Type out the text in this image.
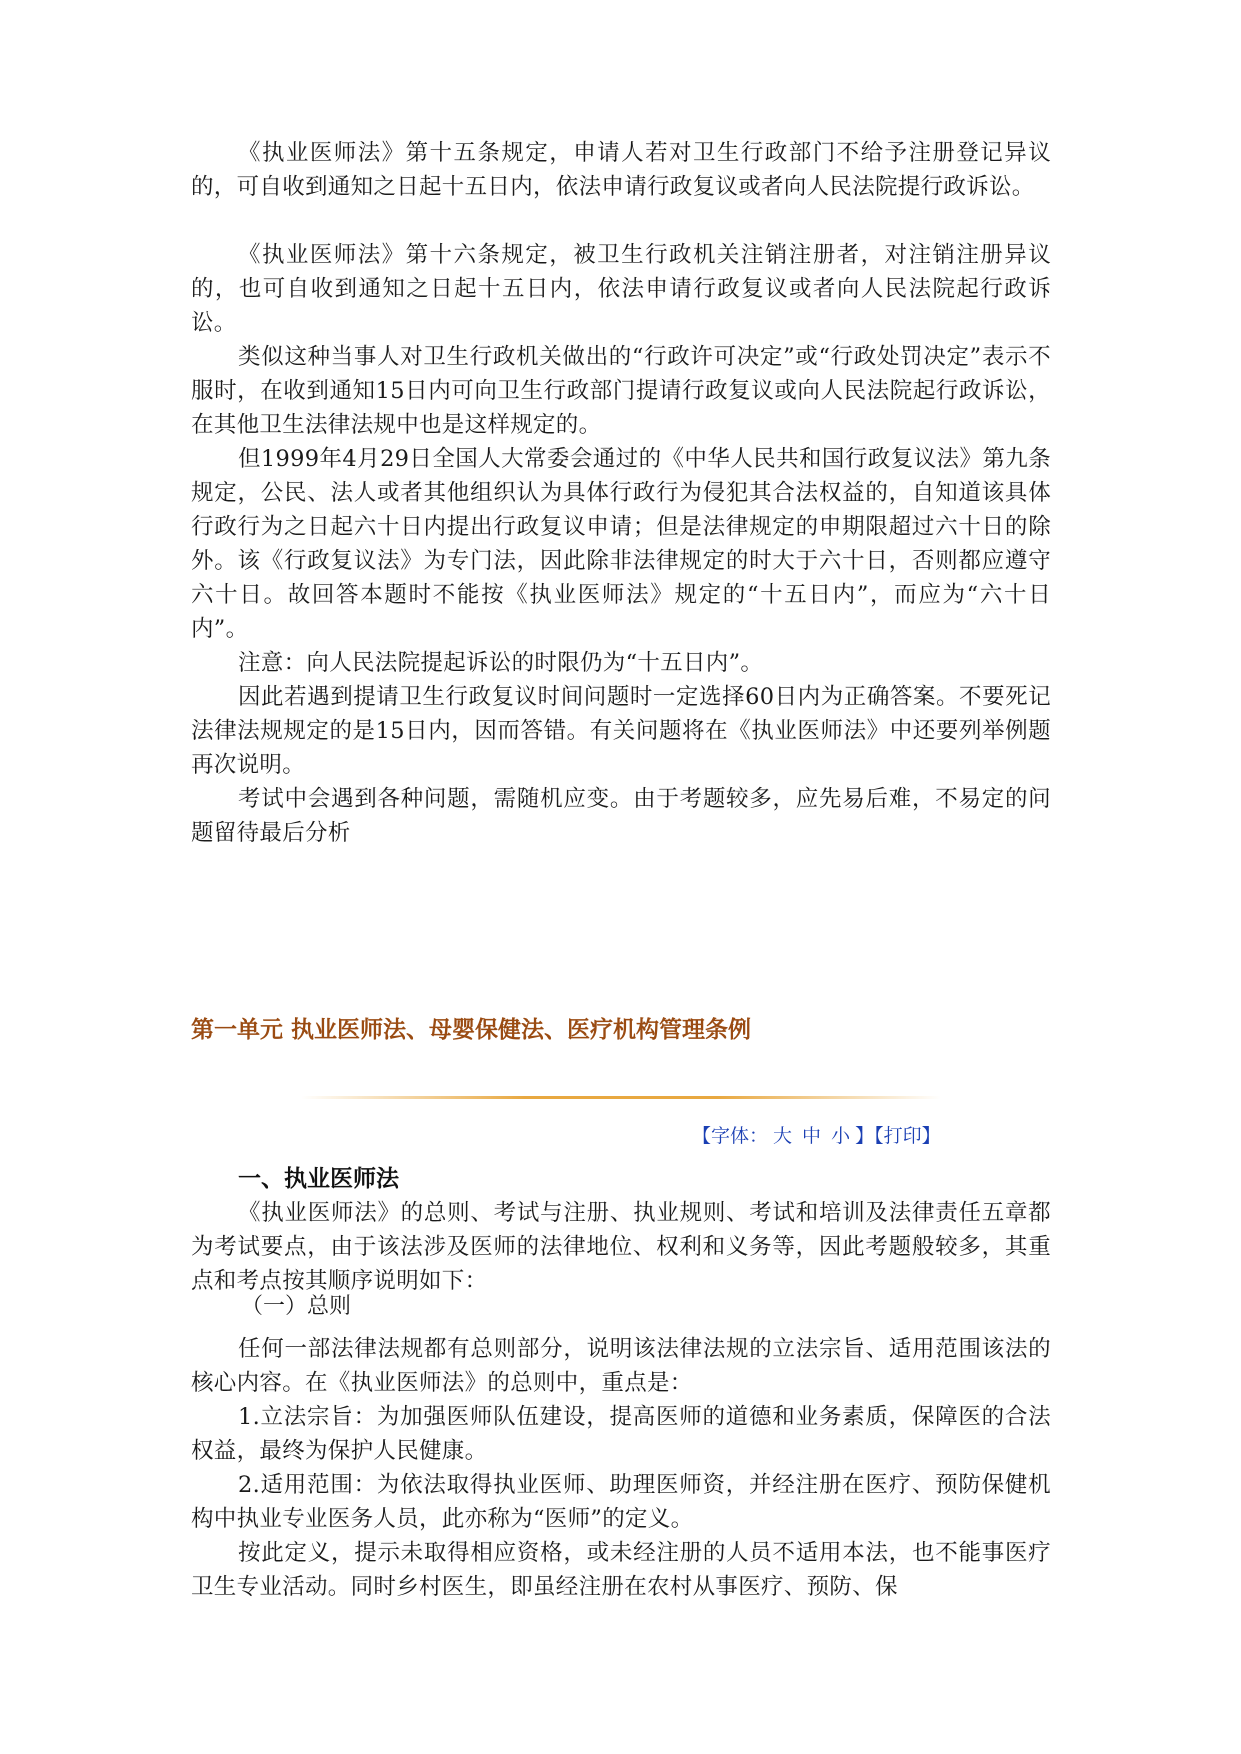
《执业医师法》第十五条规定，申请人若对卫生行政部门不给予注册登记异议的，可自收到通知之日起十五日内，依法申请行政复议或者向人民法院提行政诉讼。

《执业医师法》第十六条规定，被卫生行政机关注销注册者，对注销注册异议的，也可自收到通知之日起十五日内，依法申请行政复议或者向人民法院起行政诉讼。

类似这种当事人对卫生行政机关做出的“行政许可决定”或“行政处罚决定”表示不服时，在收到通知15日内可向卫生行政部门提请行政复议或向人民法院起行政诉讼，在其他卫生法律法规中也是这样规定的。

但1999年4月29日全国人大常委会通过的《中华人民共和国行政复议法》第九条规定，公民、法人或者其他组织认为具体行政行为侵犯其合法权益的，自知道该具体行政行为之日起六十日内提出行政复议申请；但是法律规定的申期限超过六十日的除外。该《行政复议法》为专门法，因此除非法律规定的时大于六十日，否则都应遵守六十日。故回答本题时不能按《执业医师法》规定的“十五日内”，而应为“六十日内”。

注意：向人民法院提起诉讼的时限仍为“十五日内”。

因此若遇到提请卫生行政复议时间问题时一定选择60日内为正确答案。不要死记法律法规规定的是15日内，因而答错。有关问题将在《执业医师法》中还要列举例题再次说明。

考试中会遇到各种问题，需随机应变。由于考题较多，应先易后难，不易定的问题留待最后分析

第一单元 执业医师法、母婴保健法、医疗机构管理条例
【字体： 大 中 小 】【打印】
一、执业医师法

《执业医师法》的总则、考试与注册、执业规则、考试和培训及法律责任五章都为考试要点，由于该法涉及医师的法律地位、权利和义务等，因此考题般较多，其重点和考点按其顺序说明如下：

（一）总则

任何一部法律法规都有总则部分，说明该法律法规的立法宗旨、适用范围该法的核心内容。在《执业医师法》的总则中，重点是：

1.立法宗旨：为加强医师队伍建设，提高医师的道德和业务素质，保障医的合法权益，最终为保护人民健康。

2.适用范围：为依法取得执业医师、助理医师资，并经注册在医疗、预防保健机构中执业专业医务人员，此亦称为“医师”的定义。

按此定义，提示未取得相应资格，或未经注册的人员不适用本法，也不能事医疗卫生专业活动。同时乡村医生，即虽经注册在农村从事医疗、预防、保
